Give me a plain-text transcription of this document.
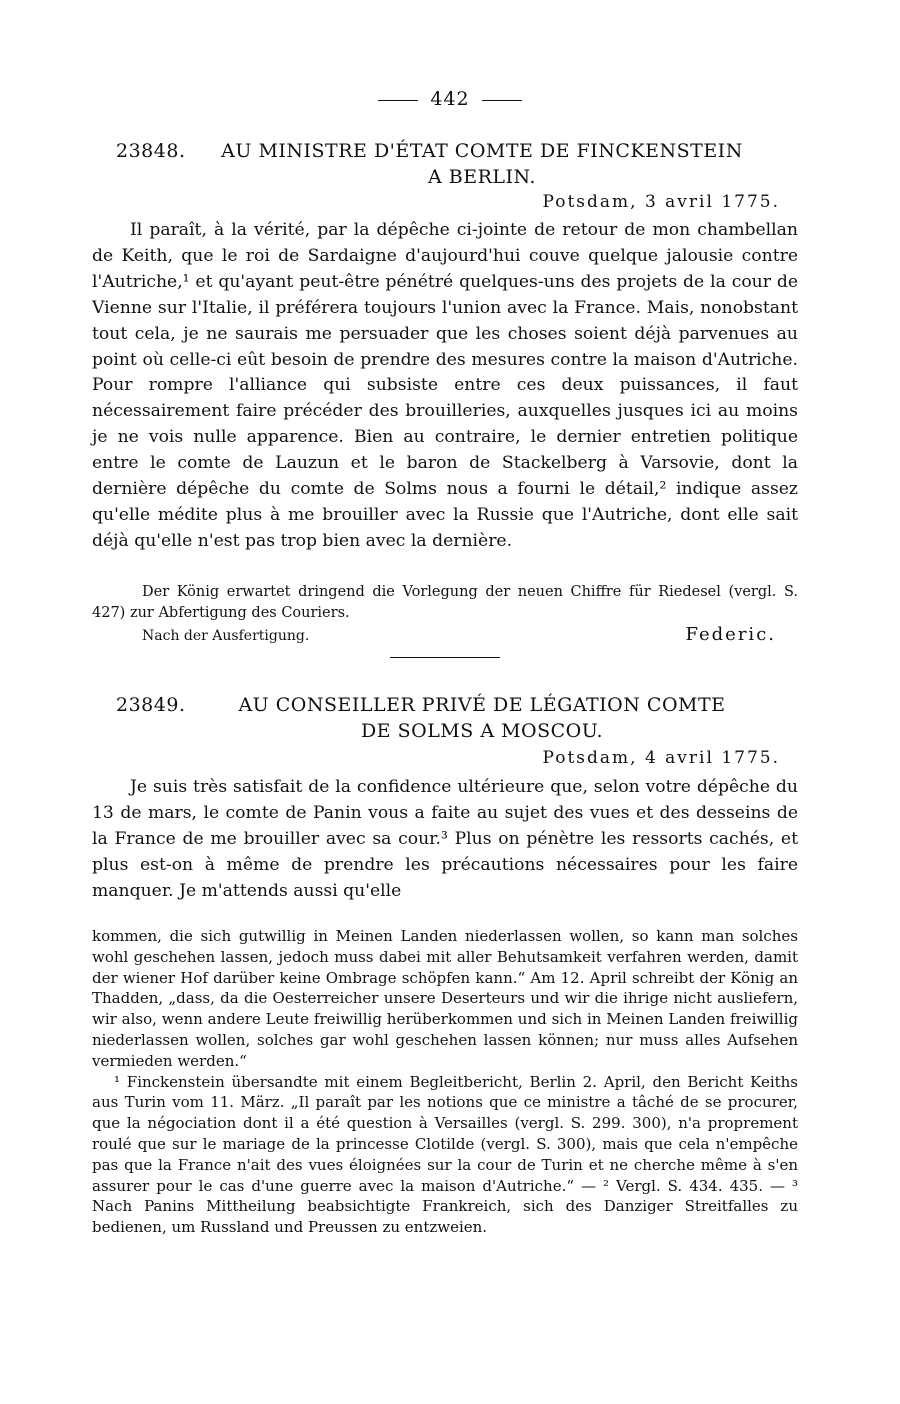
442
23848.	AU MINISTRE D'ÉTAT COMTE DE FINCKENSTEIN
A BERLIN.
Potsdam, 3 avril 1775.

Il paraît, à la vérité, par la dépêche ci-jointe de retour de mon chambellan de Keith, que le roi de Sardaigne d'aujourd'hui couve quelque jalousie contre l'Autriche,¹ et qu'ayant peut-être pénétré quelques-uns des projets de la cour de Vienne sur l'Italie, il préférera toujours l'union avec la France. Mais, nonobstant tout cela, je ne saurais me persuader que les choses soient déjà parvenues au point où celle-ci eût besoin de prendre des mesures contre la maison d'Autriche. Pour rompre l'alliance qui subsiste entre ces deux puissances, il faut nécessairement faire précéder des brouilleries, auxquelles jusques ici au moins je ne vois nulle apparence. Bien au contraire, le dernier entretien politique entre le comte de Lauzun et le baron de Stackelberg à Varsovie, dont la dernière dépêche du comte de Solms nous a fourni le détail,² indique assez qu'elle médite plus à me brouiller avec la Russie que l'Autriche, dont elle sait déjà qu'elle n'est pas trop bien avec la dernière.

Der König erwartet dringend die Vorlegung der neuen Chiffre für Riedesel (vergl. S. 427) zur Abfertigung des Couriers.

Nach der Ausfertigung.	Federic.
23849.	AU CONSEILLER PRIVÉ DE LÉGATION COMTE
DE SOLMS A MOSCOU.
Potsdam, 4 avril 1775.

Je suis très satisfait de la confidence ultérieure que, selon votre dépêche du 13 de mars, le comte de Panin vous a faite au sujet des vues et des desseins de la France de me brouiller avec sa cour.³ Plus on pénètre les ressorts cachés, et plus est-on à même de prendre les précautions nécessaires pour les faire manquer. Je m'attends aussi qu'elle

kommen, die sich gutwillig in Meinen Landen niederlassen wollen, so kann man solches wohl geschehen lassen, jedoch muss dabei mit aller Behutsamkeit verfahren werden, damit der wiener Hof darüber keine Ombrage schöpfen kann.“ Am 12. April schreibt der König an Thadden, „dass, da die Oesterreicher unsere Deserteurs und wir die ihrige nicht ausliefern, wir also, wenn andere Leute freiwillig herüberkommen und sich in Meinen Landen freiwillig niederlassen wollen, solches gar wohl geschehen lassen können; nur muss alles Aufsehen vermieden werden.“

¹ Finckenstein übersandte mit einem Begleitbericht, Berlin 2. April, den Bericht Keiths aus Turin vom 11. März. „Il paraît par les notions que ce ministre a tâché de se procurer, que la négociation dont il a été question à Versailles (vergl. S. 299. 300), n'a proprement roulé que sur le mariage de la princesse Clotilde (vergl. S. 300), mais que cela n'empêche pas que la France n'ait des vues éloignées sur la cour de Turin et ne cherche même à s'en assurer pour le cas d'une guerre avec la maison d'Autriche.“ — ² Vergl. S. 434. 435. — ³ Nach Panins Mittheilung beabsichtigte Frankreich, sich des Danziger Streitfalles zu bedienen, um Russland und Preussen zu entzweien.
